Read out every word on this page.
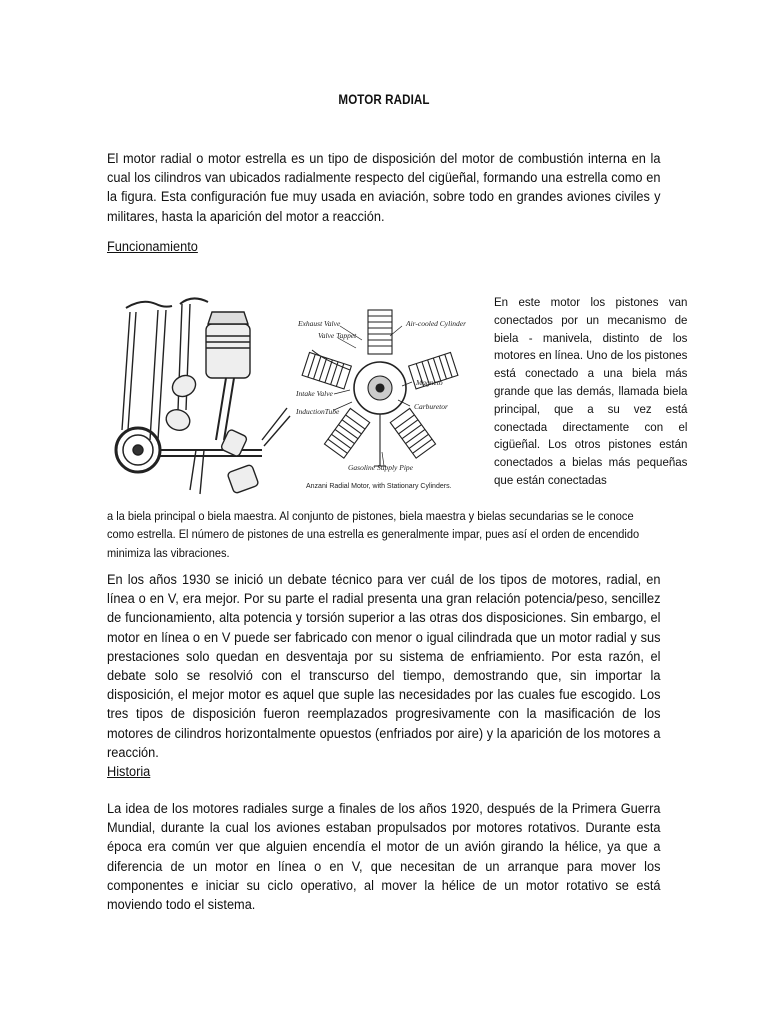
MOTOR RADIAL
El motor radial o motor estrella es un tipo de disposición del motor de combustión interna en la cual los cilindros van ubicados radialmente respecto del cigüeñal, formando una estrella como en la figura. Esta configuración fue muy usada en aviación, sobre todo en grandes aviones civiles y militares, hasta la aparición del motor a reacción.
Funcionamiento
Exhaust Valve
Valve Tappet
Air-cooled Cylinder
Magneto
Carburetor
Intake Valve
InductionTube
Gasoline Supply Pipe
Anzani Radial Motor, with Stationary Cylinders.
En este motor los pistones van conectados por un mecanismo de biela - manivela, distinto de los motores en línea. Uno de los pistones está conectado a una biela más grande que las demás, llamada biela principal, que a su vez está conectada directamente con el cigüeñal. Los otros pistones están conectados a bielas más pequeñas que están conectadas
a la biela principal o biela maestra. Al conjunto de pistones, biela maestra y bielas secundarias se le conoce como estrella. El número de pistones de una estrella es generalmente impar, pues así el orden de encendido minimiza las vibraciones.
En los años 1930 se inició un debate técnico para ver cuál de los tipos de motores, radial, en línea o en V, era mejor. Por su parte el radial presenta una gran relación potencia/peso, sencillez de funcionamiento, alta potencia y torsión superior a las otras dos disposiciones. Sin embargo, el motor en línea o en V puede ser fabricado con menor o igual cilindrada que un motor radial y sus prestaciones solo quedan en desventaja por su sistema de enfriamiento. Por esta razón, el debate solo se resolvió con el transcurso del tiempo, demostrando que, sin importar la disposición, el mejor motor es aquel que suple las necesidades por las cuales fue escogido. Los tres tipos de disposición fueron reemplazados progresivamente con la masificación de los motores de cilindros horizontalmente opuestos (enfriados por aire) y la aparición de los motores a reacción.
Historia
La idea de los motores radiales surge a finales de los años 1920, después de la Primera Guerra Mundial, durante la cual los aviones estaban propulsados por motores rotativos. Durante esta época era común ver que alguien encendía el motor de un avión girando la hélice, ya que a diferencia de un motor en línea o en V, que necesitan de un arranque para mover los componentes e iniciar su ciclo operativo, al mover la hélice de un motor rotativo se está moviendo todo el sistema.
